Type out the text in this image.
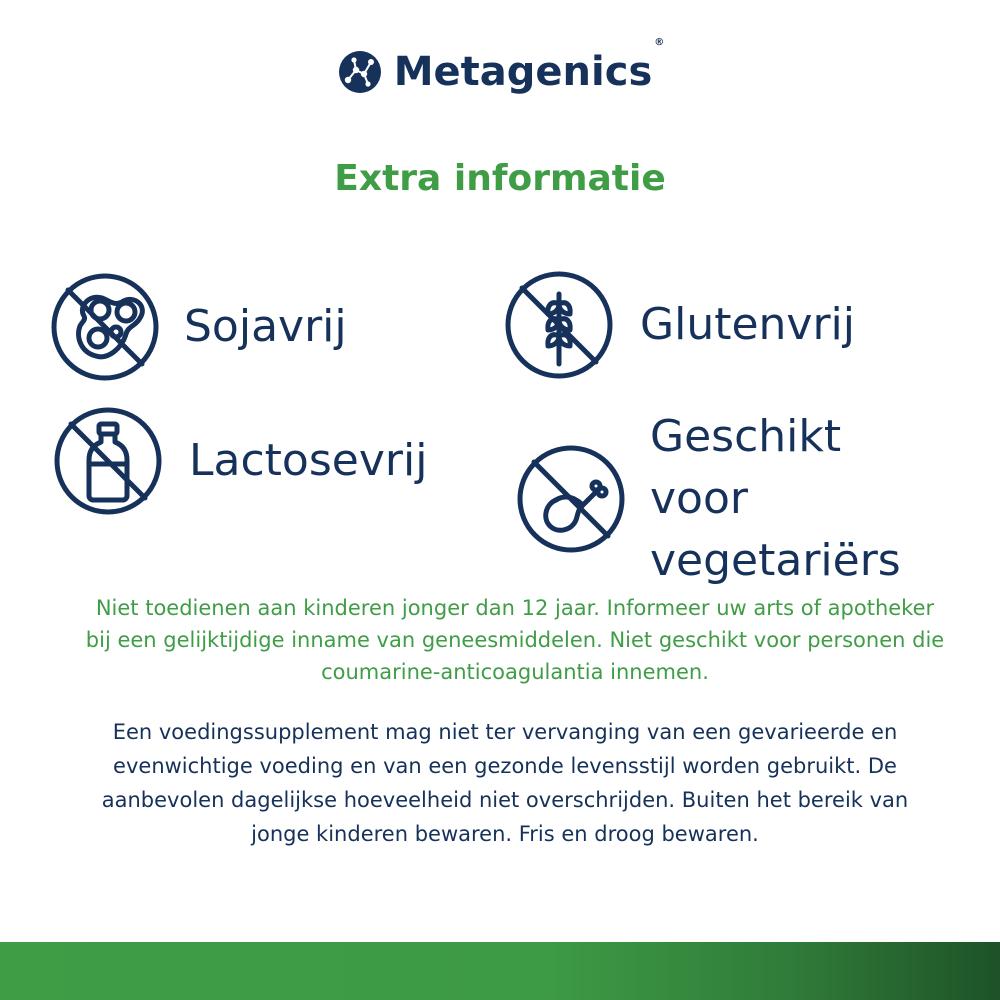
Metagenics®
Extra informatie
Sojavrij	Glutenvrij
Lactosevrij	Geschikt voor
vegetariërs

Niet toedienen aan kinderen jonger dan 12 jaar. Informeer uw arts of apotheker
bij een gelijktijdige inname van geneesmiddelen. Niet geschikt voor personen die
coumarine-anticoagulantia innemen.

Een voedingssupplement mag niet ter vervanging van een gevarieerde en
evenwichtige voeding en van een gezonde levensstijl worden gebruikt. De
aanbevolen dagelijkse hoeveelheid niet overschrijden. Buiten het bereik van
jonge kinderen bewaren. Fris en droog bewaren.
